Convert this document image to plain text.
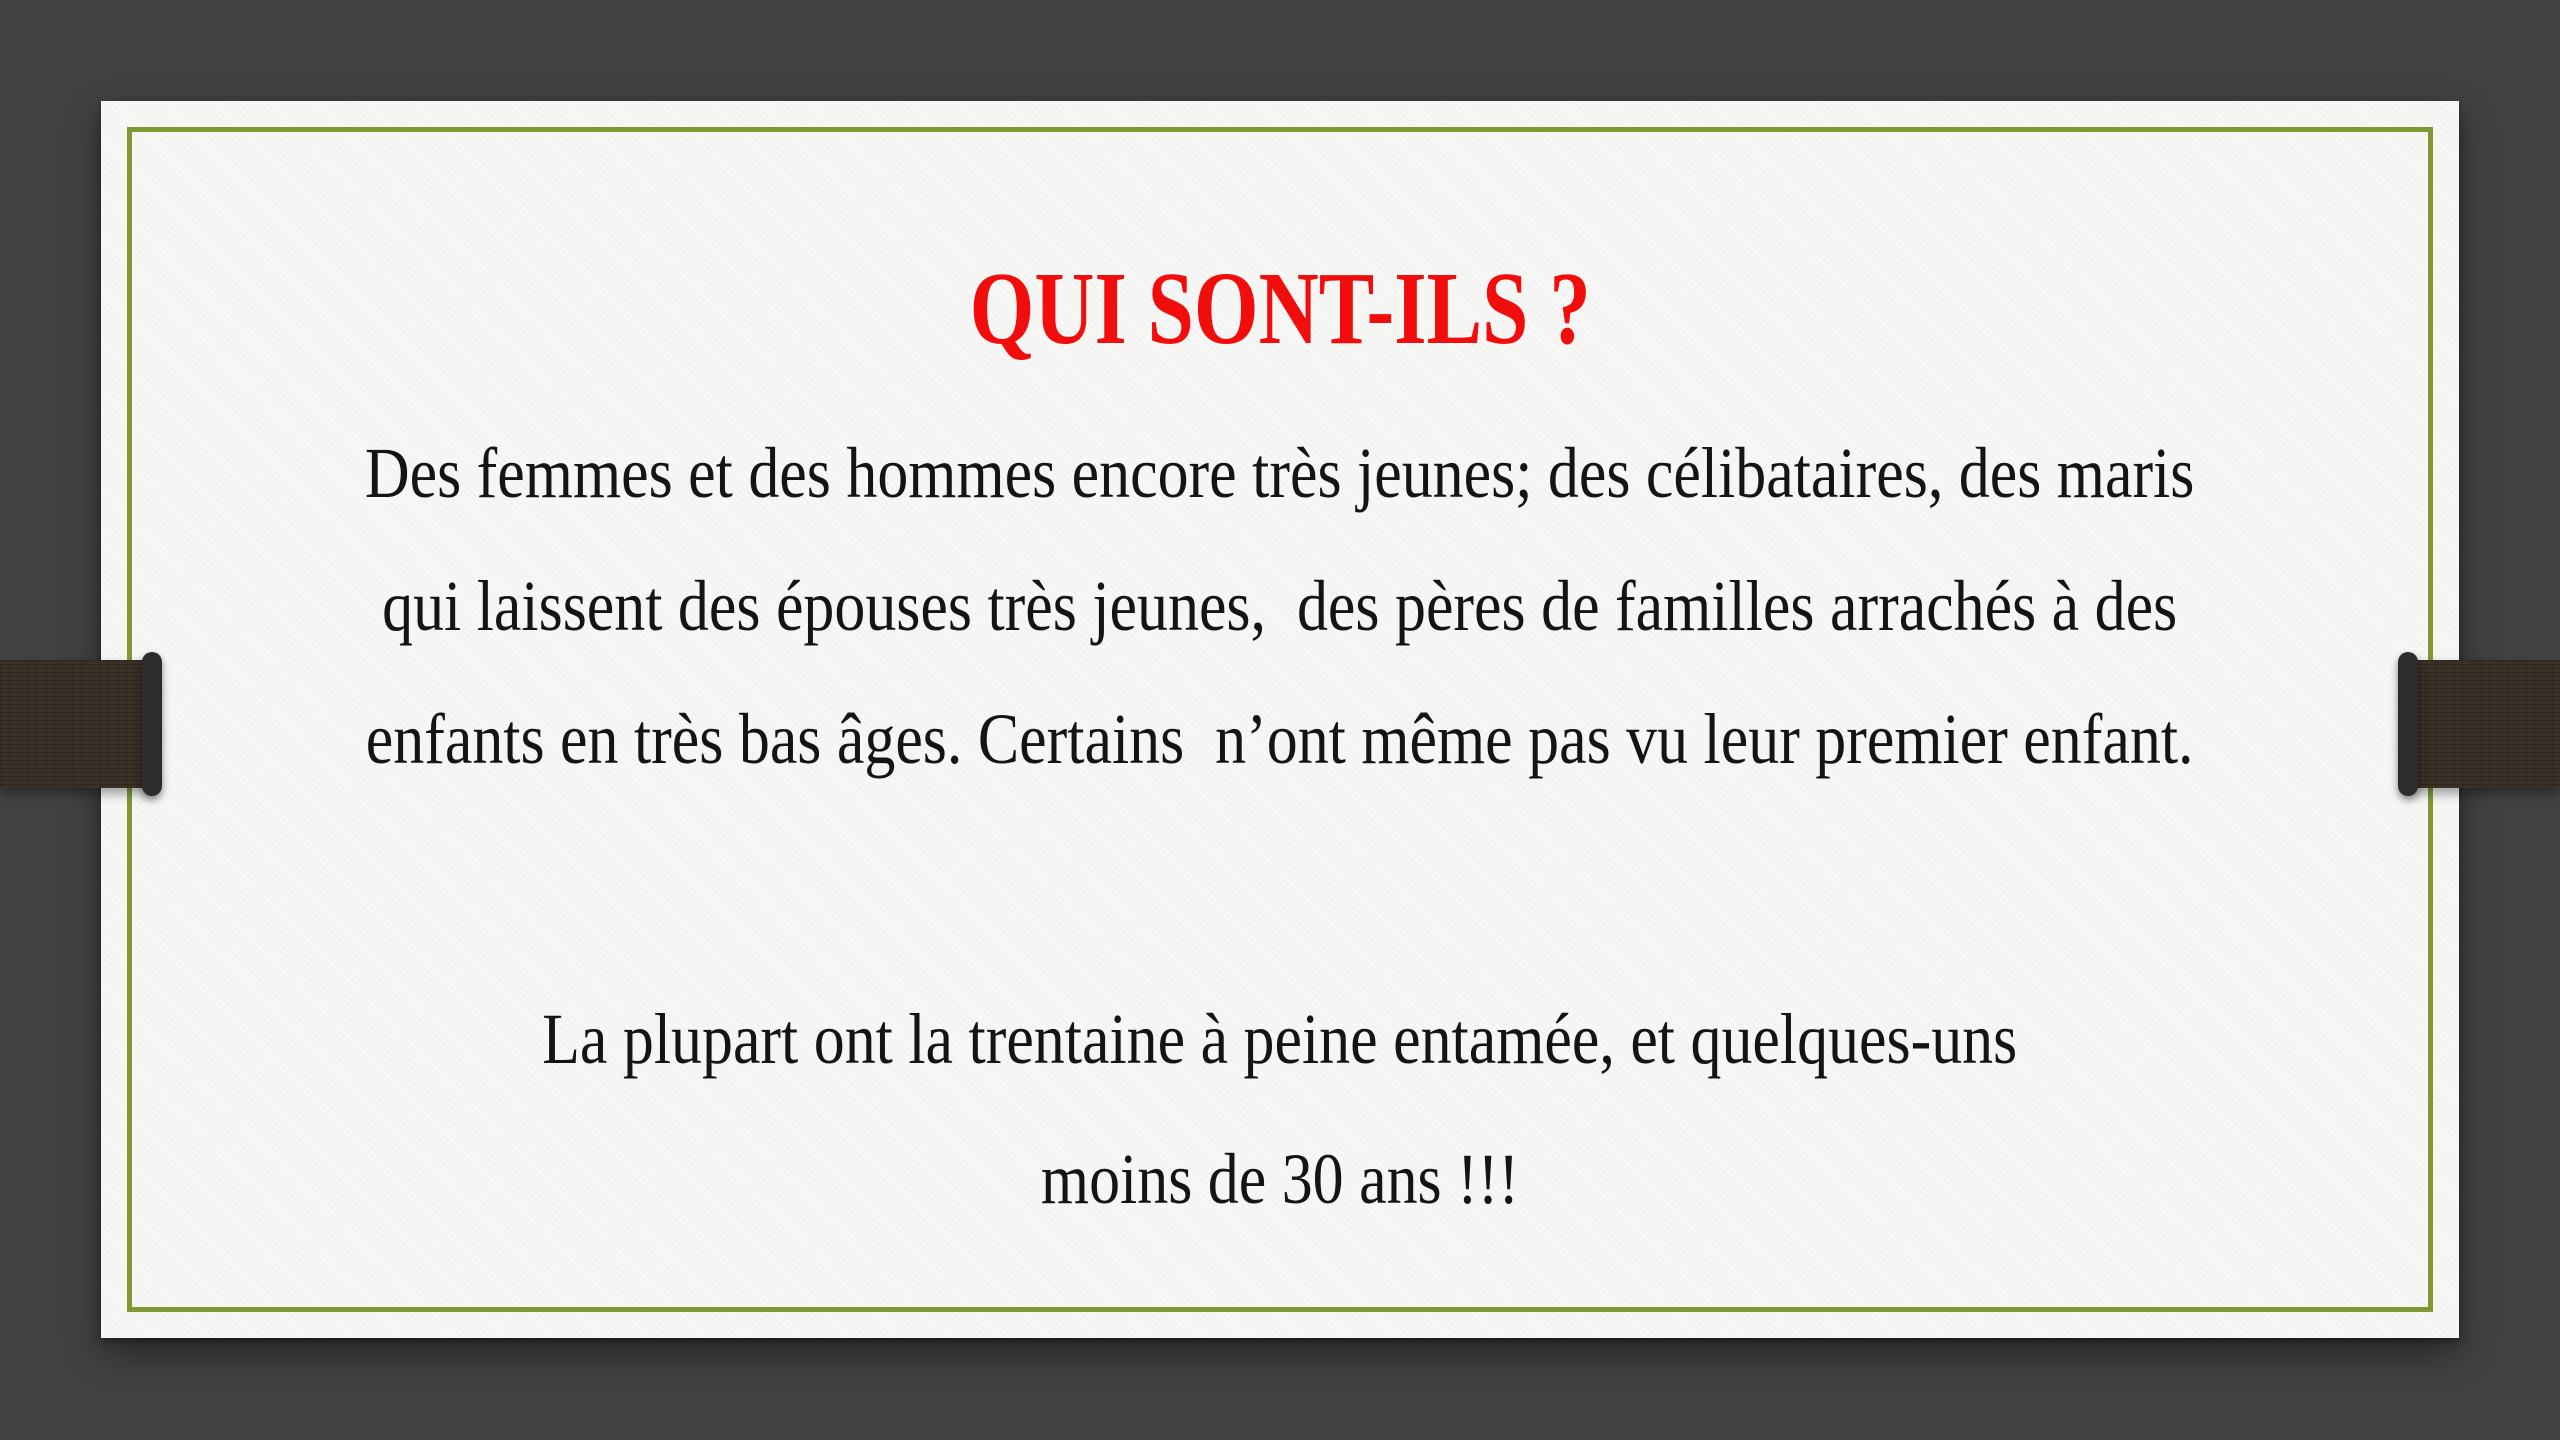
QUI SONT-ILS ?
Des femmes et des hommes encore très jeunes; des célibataires, des maris
qui laissent des épouses très jeunes,  des pères de familles arrachés à des
enfants en très bas âges. Certains  n’ont même pas vu leur premier enfant.
La plupart ont la trentaine à peine entamée, et quelques-uns
moins de 30 ans !!!
